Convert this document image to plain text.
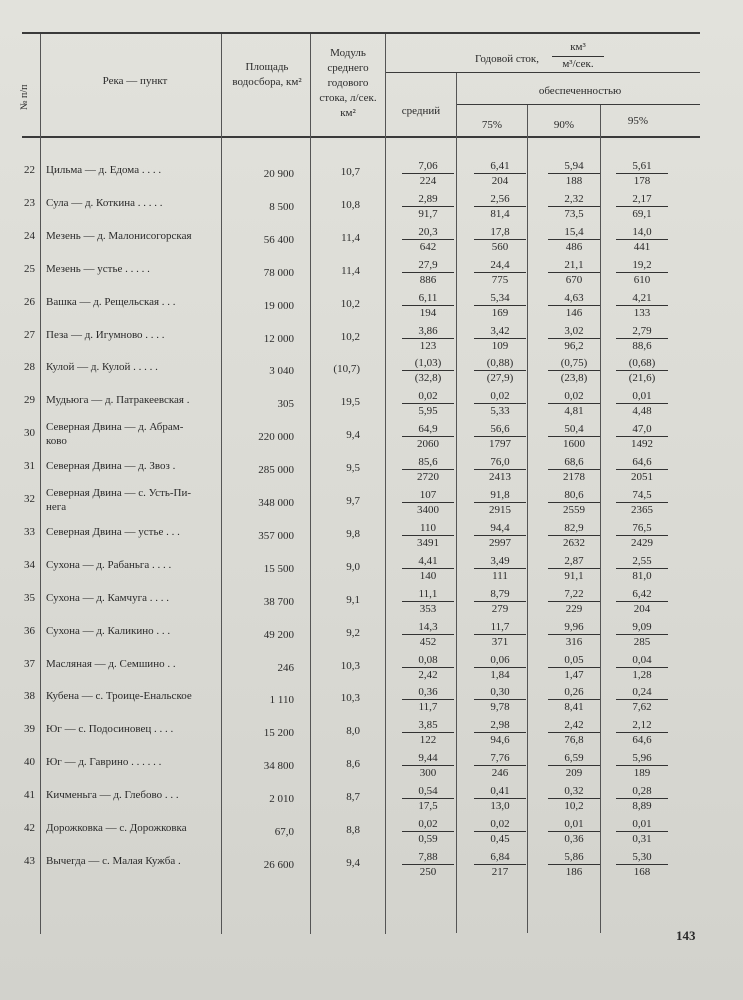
№ п/п
Река — пункт
Площадь водосбора, км²
Модуль среднего годового стока, л/сек. км²
Годовой сток,
км³
м³/сек.
средний
обеспеченностью
75%	90%	95%
22 Цильма — д. Едома . . . .	20 900	10,7	$\frac{7,06}{224} \frac{6,41}{204} \frac{5,94}{188} \frac{5,61}{178}$
23 Сула — д. Коткина . . . . .	8 500	10,8	$\frac{2,89}{91,7} \frac{2,56}{81,4} \frac{2,32}{73,5} \frac{2,17}{69,1}$
24 Мезень — д. Малонисогорская	56 400	11,4	$\frac{20,3}{642} \frac{17,8}{560} \frac{15,4}{486} \frac{14,0}{441}$
25 Мезень — устье . . . . .	78 000	11,4	$\frac{27,9}{886} \frac{24,4}{775} \frac{21,1}{670} \frac{19,2}{610}$
26 Вашка — д. Рещельская . . .	19 000	10,2	$\frac{6,11}{194} \frac{5,34}{169} \frac{4,63}{146} \frac{4,21}{133}$
27 Пеза — д. Игумново . . . .	12 000	10,2	$\frac{3,86}{123} \frac{3,42}{109} \frac{3,02}{96,2} \frac{2,79}{88,6}$
28 Кулой — д. Кулой . . . . .	3 040	(10,7)	$\frac{(1,03)}{(32,8)} \frac{(0,88)}{(27,9)} \frac{(0,75)}{(23,8)} \frac{(0,68)}{(21,6)}$
29 Мудьюга — д. Патракеевская .	305	19,5	$\frac{0,02}{5,95} \frac{0,02}{5,33} \frac{0,02}{4,81} \frac{0,01}{4,48}$
30 Северная Двина — д. Абрам-
ково	220 000	9,4	$\frac{64,9}{2060} \frac{56,6}{1797} \frac{50,4}{1600} \frac{47,0}{1492}$
31 Северная Двина — д. Звоз .	285 000	9,5	$\frac{85,6}{2720} \frac{76,0}{2413} \frac{68,6}{2178} \frac{64,6}{2051}$
32 Северная Двина — с. Усть-Пи-
нега	348 000	9,7	$\frac{107}{3400} \frac{91,8}{2915} \frac{80,6}{2559} \frac{74,5}{2365}$
33 Северная Двина — устье . . .	357 000	9,8	$\frac{110}{3491} \frac{94,4}{2997} \frac{82,9}{2632} \frac{76,5}{2429}$
34 Сухона — д. Рабаньга . . . .	15 500	9,0	$\frac{4,41}{140} \frac{3,49}{111} \frac{2,87}{91,1} \frac{2,55}{81,0}$
35 Сухона — д. Камчуга . . . .	38 700	9,1	$\frac{11,1}{353} \frac{8,79}{279} \frac{7,22}{229} \frac{6,42}{204}$
36 Сухона — д. Каликино . . .	49 200	9,2	$\frac{14,3}{452} \frac{11,7}{371} \frac{9,96}{316} \frac{9,09}{285}$
37 Масляная — д. Семшино . .	246	10,3	$\frac{0,08}{2,42} \frac{0,06}{1,84} \frac{0,05}{1,47} \frac{0,04}{1,28}$
38 Кубена — с. Троице-Енальское	1 110	10,3	$\frac{0,36}{11,7} \frac{0,30}{9,78} \frac{0,26}{8,41} \frac{0,24}{7,62}$
39 Юг — с. Подосиновец . . . .	15 200	8,0	$\frac{3,85}{122} \frac{2,98}{94,6} \frac{2,42}{76,8} \frac{2,12}{64,6}$
40 Юг — д. Гаврино . . . . . .	34 800	8,6	$\frac{9,44}{300} \frac{7,76}{246} \frac{6,59}{209} \frac{5,96}{189}$
41 Кичменьга — д. Глебово . . .	2 010	8,7	$\frac{0,54}{17,5} \frac{0,41}{13,0} \frac{0,32}{10,2} \frac{0,28}{8,89}$
42 Дорожковка — с. Дорожковка	67,0	8,8	$\frac{0,02}{0,59} \frac{0,02}{0,45} \frac{0,01}{0,36} \frac{0,01}{0,31}$
43 Вычегда — с. Малая Кужба .	26 600	9,4	$\frac{7,88}{250} \frac{6,84}{217} \frac{5,86}{186} \frac{5,30}{168}$
143
